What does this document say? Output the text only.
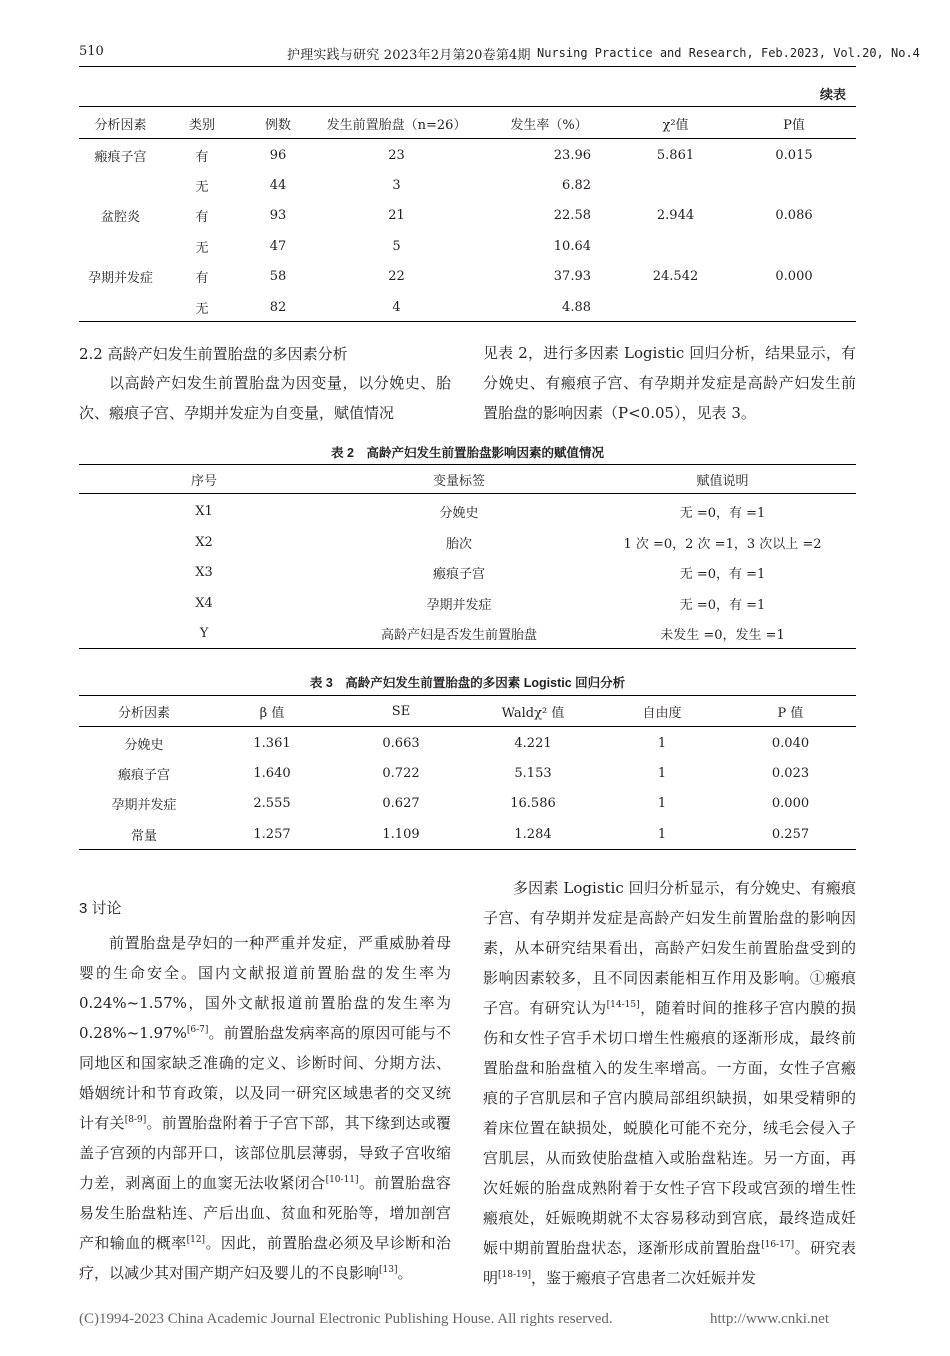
510	护理实践与研究 2023年2月第20卷第4期 Nursing Practice and Research, Feb.2023, Vol.20, No.4
续表
分析因素	类别	例数	发生前置胎盘（n=26）	发生率（%）	χ²值	P值

瘢痕子宫	有	96	23	23.96	5.861	0.015
	无	44	3	6.82		
盆腔炎	有	93	21	22.58	2.944	0.086
	无	47	5	10.64		
孕期并发症	有	58	22	37.93	24.542	0.000
	无	82	4	4.88		
2.2 高龄产妇发生前置胎盘的多因素分析
以高龄产妇发生前置胎盘为因变量，以分娩史、胎次、瘢痕子宫、孕期并发症为自变量，赋值情况
见表 2，进行多因素 Logistic 回归分析，结果显示，有分娩史、有瘢痕子宫、有孕期并发症是高龄产妇发生前置胎盘的影响因素（P<0.05），见表 3。
表 2　高龄产妇发生前置胎盘影响因素的赋值情况
序号	变量标签	赋值说明

X1	分娩史	无 =0，有 =1
X2	胎次	1 次 =0，2 次 =1，3 次以上 =2
X3	瘢痕子宫	无 =0，有 =1
X4	孕期并发症	无 =0，有 =1
Y	高龄产妇是否发生前置胎盘	未发生 =0，发生 =1
表 3　高龄产妇发生前置胎盘的多因素 Logistic 回归分析
分析因素	β 值	SE	Waldχ² 值	自由度	P 值

分娩史	1.361	0.663	4.221	1	0.040
瘢痕子宫	1.640	0.722	5.153	1	0.023
孕期并发症	2.555	0.627	16.586	1	0.000
常量	1.257	1.109	1.284	1	0.257
3 讨论
前置胎盘是孕妇的一种严重并发症，严重威胁着母婴的生命安全。国内文献报道前置胎盘的发生率为 0.24%~1.57%，国外文献报道前置胎盘的发生率为 0.28%~1.97%[6-7]。前置胎盘发病率高的原因可能与不同地区和国家缺乏准确的定义、诊断时间、分期方法、婚姻统计和节育政策，以及同一研究区域患者的交叉统计有关[8-9]。前置胎盘附着于子宫下部，其下缘到达或覆盖子宫颈的内部开口，该部位肌层薄弱，导致子宫收缩力差，剥离面上的血窦无法收紧闭合[10-11]。前置胎盘容易发生胎盘粘连、产后出血、贫血和死胎等，增加剖宫产和输血的概率[12]。因此，前置胎盘必须及早诊断和治疗，以减少其对围产期产妇及婴儿的不良影响[13]。
多因素 Logistic 回归分析显示，有分娩史、有瘢痕子宫、有孕期并发症是高龄产妇发生前置胎盘的影响因素，从本研究结果看出，高龄产妇发生前置胎盘受到的影响因素较多，且不同因素能相互作用及影响。①瘢痕子宫。有研究认为[14-15]，随着时间的推移子宫内膜的损伤和女性子宫手术切口增生性瘢痕的逐渐形成，最终前置胎盘和胎盘植入的发生率增高。一方面，女性子宫瘢痕的子宫肌层和子宫内膜局部组织缺损，如果受精卵的着床位置在缺损处，蜕膜化可能不充分，绒毛会侵入子宫肌层，从而致使胎盘植入或胎盘粘连。另一方面，再次妊娠的胎盘成熟附着于女性子宫下段或宫颈的增生性瘢痕处，妊娠晚期就不太容易移动到宫底，最终造成妊娠中期前置胎盘状态，逐渐形成前置胎盘[16-17]。研究表明[18-19]，鉴于瘢痕子宫患者二次妊娠并发
(C)1994-2023 China Academic Journal Electronic Publishing House. All rights reserved.	http://www.cnki.net
